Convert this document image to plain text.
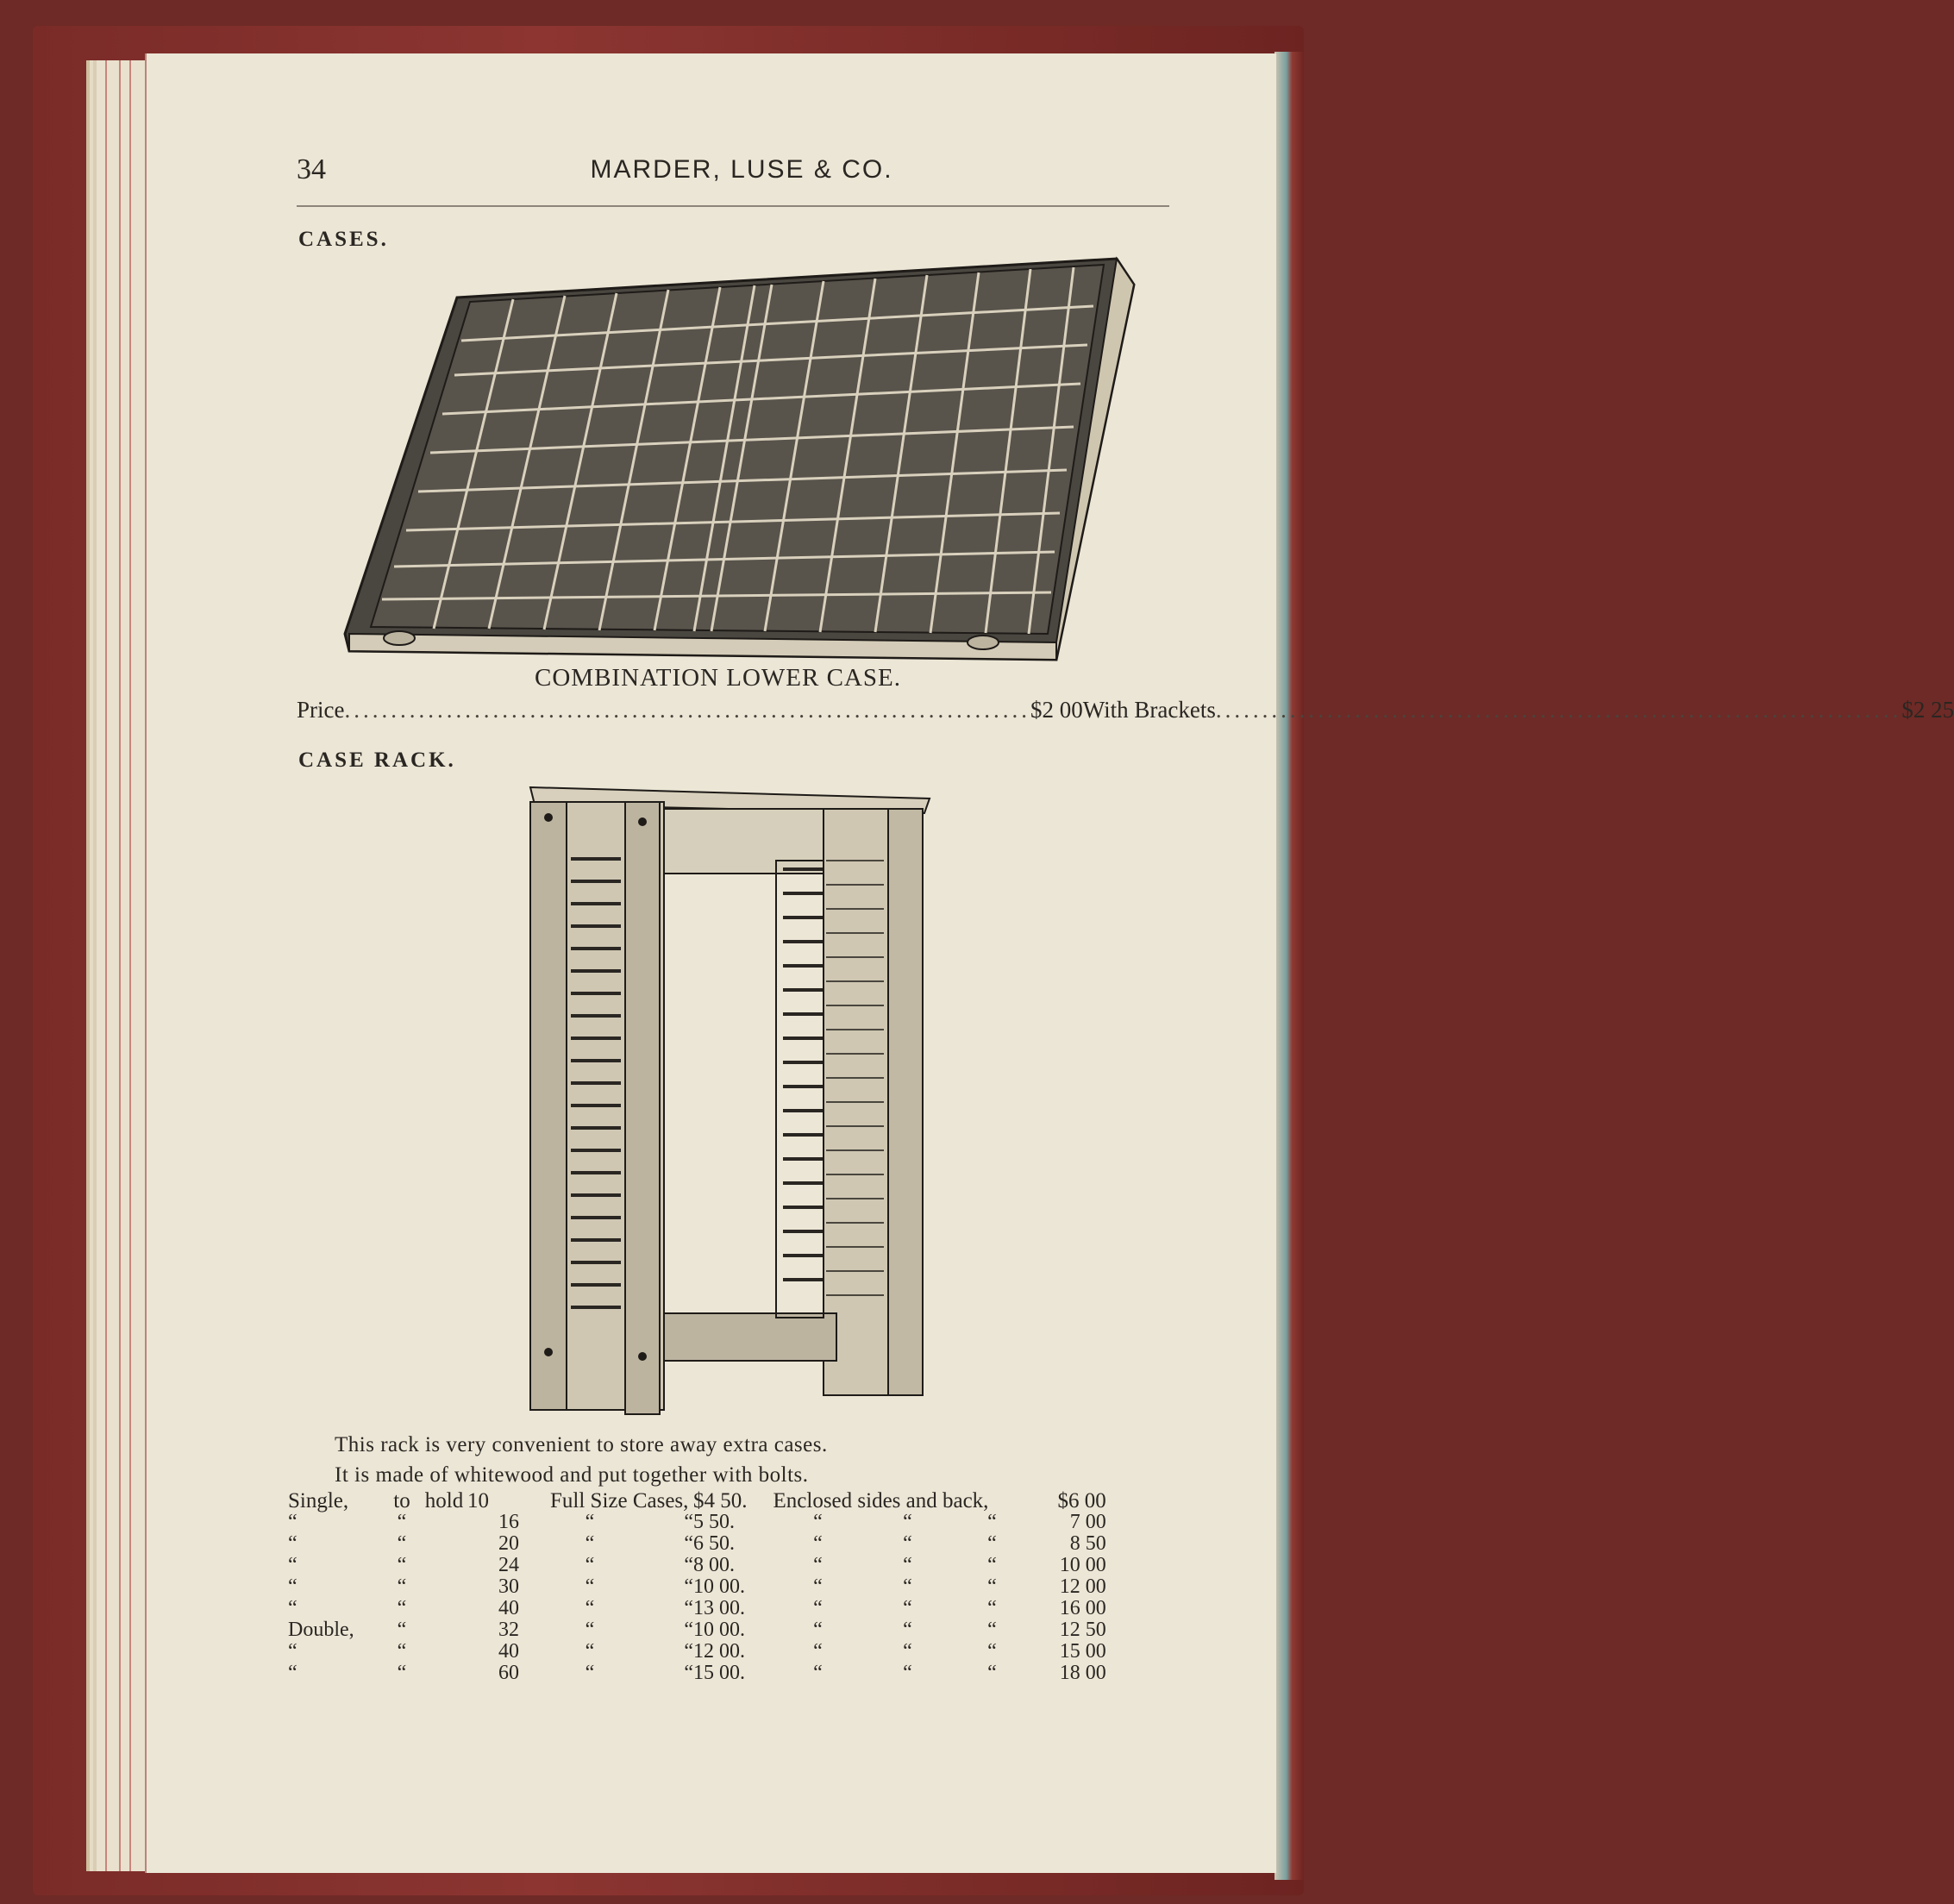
34	MARDER, LUSE & CO.
CASES.
COMBINATION LOWER CASE.
Price .......................................................................... $2 00 With Brackets .......................................................................... $2 25
CASE RACK.
This rack is very convenient to store away extra cases.
It is made of whitewood and put together with bolts.
Single,	to	hold	10	Full Size Cases,		$4 50.		Enclosed sides and back,				$6 00
“	“		16	“	“	5 50.		“	“	“		7 00
“	“		20	“	“	6 50.		“	“	“		8 50
“	“		24	“	“	8 00.		“	“	“		10 00
“	“		30	“	“	10 00.		“	“	“		12 00
“	“		40	“	“	13 00.		“	“	“		16 00
Double,	“		32	“	“	10 00.		“	“	“		12 50
“	“		40	“	“	12 00.		“	“	“		15 00
“	“		60	“	“	15 00.		“	“	“		18 00
